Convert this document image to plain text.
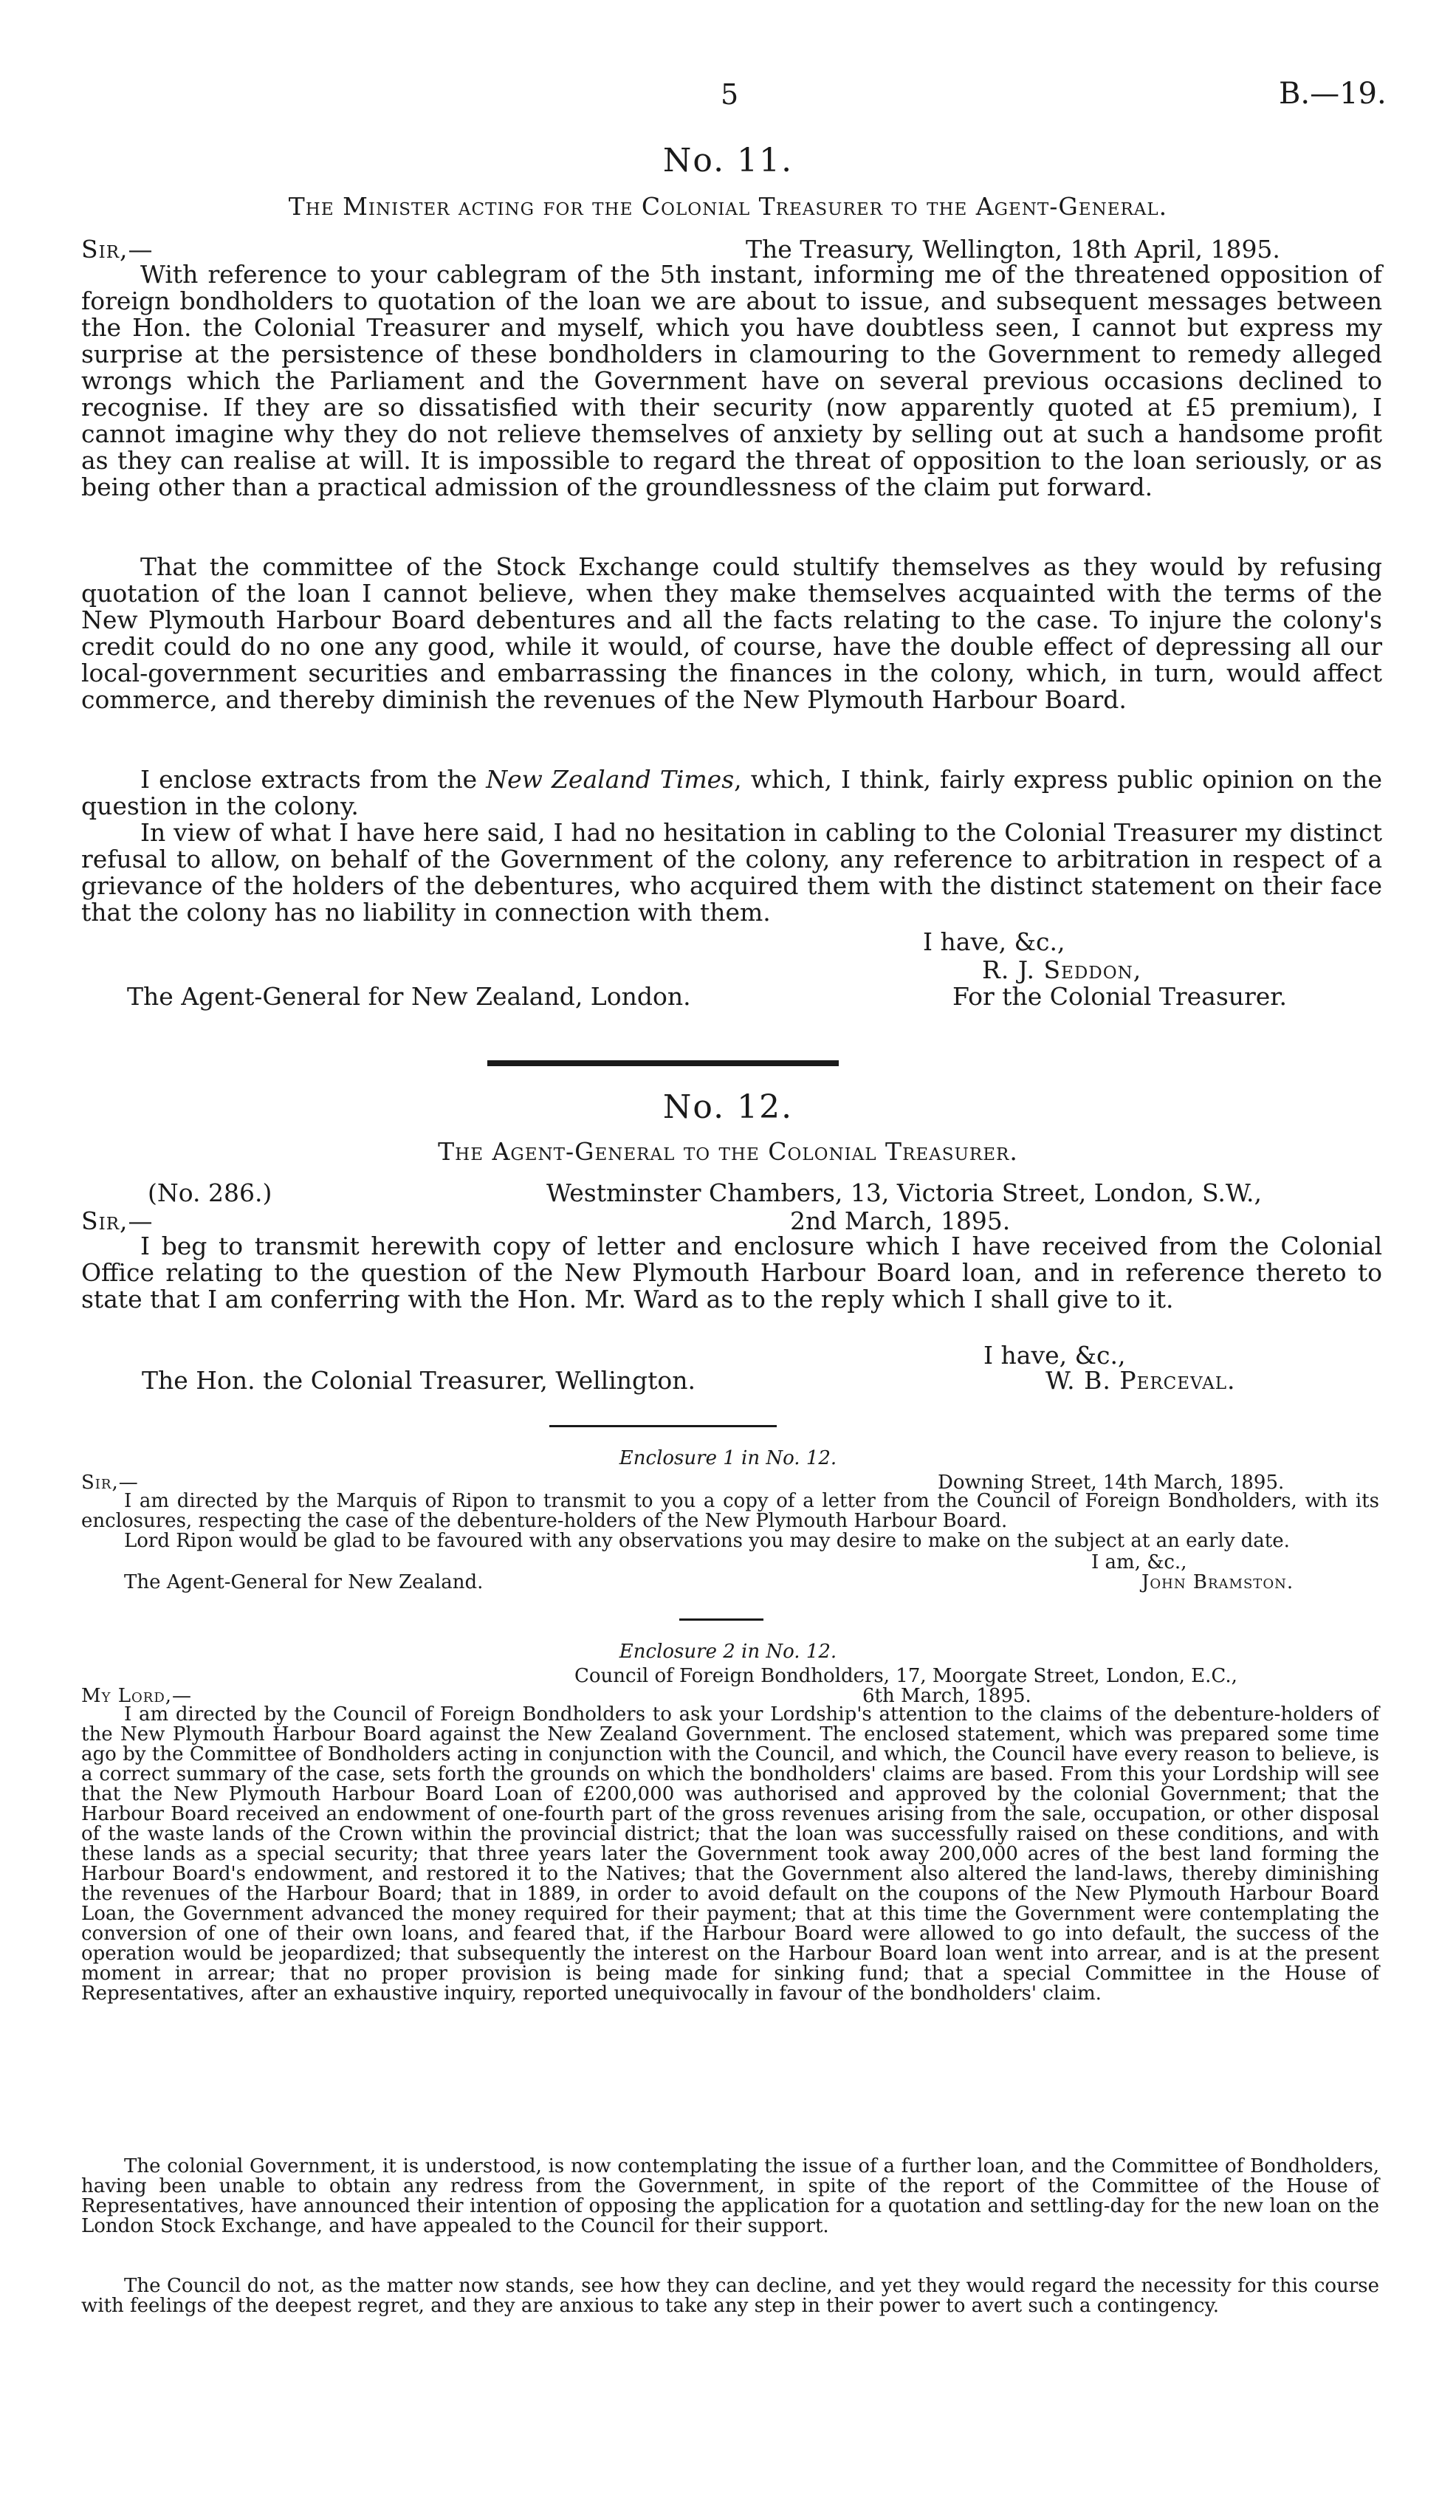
5	B.—19.
No. 11.
The Minister acting for the Colonial Treasurer to the Agent-General.
Sir,—	The Treasury, Wellington, 18th April, 1895.
With reference to your cablegram of the 5th instant, informing me of the threatened opposition of foreign bondholders to quotation of the loan we are about to issue, and subsequent messages between the Hon. the Colonial Treasurer and myself, which you have doubtless seen, I cannot but express my surprise at the persistence of these bondholders in clamouring to the Government to remedy alleged wrongs which the Parliament and the Government have on several previous occasions declined to recognise. If they are so dissatisfied with their security (now apparently quoted at £5 premium), I cannot imagine why they do not relieve themselves of anxiety by selling out at such a handsome profit as they can realise at will. It is impossible to regard the threat of opposition to the loan seriously, or as being other than a practical admission of the groundlessness of the claim put forward.
That the committee of the Stock Exchange could stultify themselves as they would by refusing quotation of the loan I cannot believe, when they make themselves acquainted with the terms of the New Plymouth Harbour Board debentures and all the facts relating to the case. To injure the colony's credit could do no one any good, while it would, of course, have the double effect of depressing all our local-government securities and embarrassing the finances in the colony, which, in turn, would affect commerce, and thereby diminish the revenues of the New Plymouth Harbour Board.
I enclose extracts from the New Zealand Times, which, I think, fairly express public opinion on the question in the colony.
In view of what I have here said, I had no hesitation in cabling to the Colonial Treasurer my distinct refusal to allow, on behalf of the Government of the colony, any reference to arbitration in respect of a grievance of the holders of the debentures, who acquired them with the distinct statement on their face that the colony has no liability in connection with them.
I have, &c.,
R. J. Seddon,
The Agent-General for New Zealand, London.	For the Colonial Treasurer.
No. 12.
The Agent-General to the Colonial Treasurer.
(No. 286.)	Westminster Chambers, 13, Victoria Street, London, S.W.,
2nd March, 1895.
Sir,—
I beg to transmit herewith copy of letter and enclosure which I have received from the Colonial Office relating to the question of the New Plymouth Harbour Board loan, and in reference thereto to state that I am conferring with the Hon. Mr. Ward as to the reply which I shall give to it.
I have, &c.,
The Hon. the Colonial Treasurer, Wellington.	W. B. Perceval.
Enclosure 1 in No. 12.
Sir,—	Downing Street, 14th March, 1895.
I am directed by the Marquis of Ripon to transmit to you a copy of a letter from the Council of Foreign Bondholders, with its enclosures, respecting the case of the debenture-holders of the New Plymouth Harbour Board.
Lord Ripon would be glad to be favoured with any observations you may desire to make on the subject at an early date.
I am, &c.,
The Agent-General for New Zealand.	John Bramston.
Enclosure 2 in No. 12.
Council of Foreign Bondholders, 17, Moorgate Street, London, E.C.,
6th March, 1895.
My Lord,—
I am directed by the Council of Foreign Bondholders to ask your Lordship's attention to the claims of the debenture-holders of the New Plymouth Harbour Board against the New Zealand Government. The enclosed statement, which was prepared some time ago by the Committee of Bondholders acting in conjunction with the Council, and which, the Council have every reason to believe, is a correct summary of the case, sets forth the grounds on which the bondholders' claims are based. From this your Lordship will see that the New Plymouth Harbour Board Loan of £200,000 was authorised and approved by the colonial Government; that the Harbour Board received an endowment of one-fourth part of the gross revenues arising from the sale, occupation, or other disposal of the waste lands of the Crown within the provincial district; that the loan was successfully raised on these conditions, and with these lands as a special security; that three years later the Government took away 200,000 acres of the best land forming the Harbour Board's endowment, and restored it to the Natives; that the Government also altered the land-laws, thereby diminishing the revenues of the Harbour Board; that in 1889, in order to avoid default on the coupons of the New Plymouth Harbour Board Loan, the Government advanced the money required for their payment; that at this time the Government were contemplating the conversion of one of their own loans, and feared that, if the Harbour Board were allowed to go into default, the success of the operation would be jeopardized; that subsequently the interest on the Harbour Board loan went into arrear, and is at the present moment in arrear; that no proper provision is being made for sinking fund; that a special Committee in the House of Representatives, after an exhaustive inquiry, reported unequivocally in favour of the bondholders' claim.
The colonial Government, it is understood, is now contemplating the issue of a further loan, and the Committee of Bondholders, having been unable to obtain any redress from the Government, in spite of the report of the Committee of the House of Representatives, have announced their intention of opposing the application for a quotation and settling-day for the new loan on the London Stock Exchange, and have appealed to the Council for their support.
The Council do not, as the matter now stands, see how they can decline, and yet they would regard the necessity for this course with feelings of the deepest regret, and they are anxious to take any step in their power to avert such a contingency.
